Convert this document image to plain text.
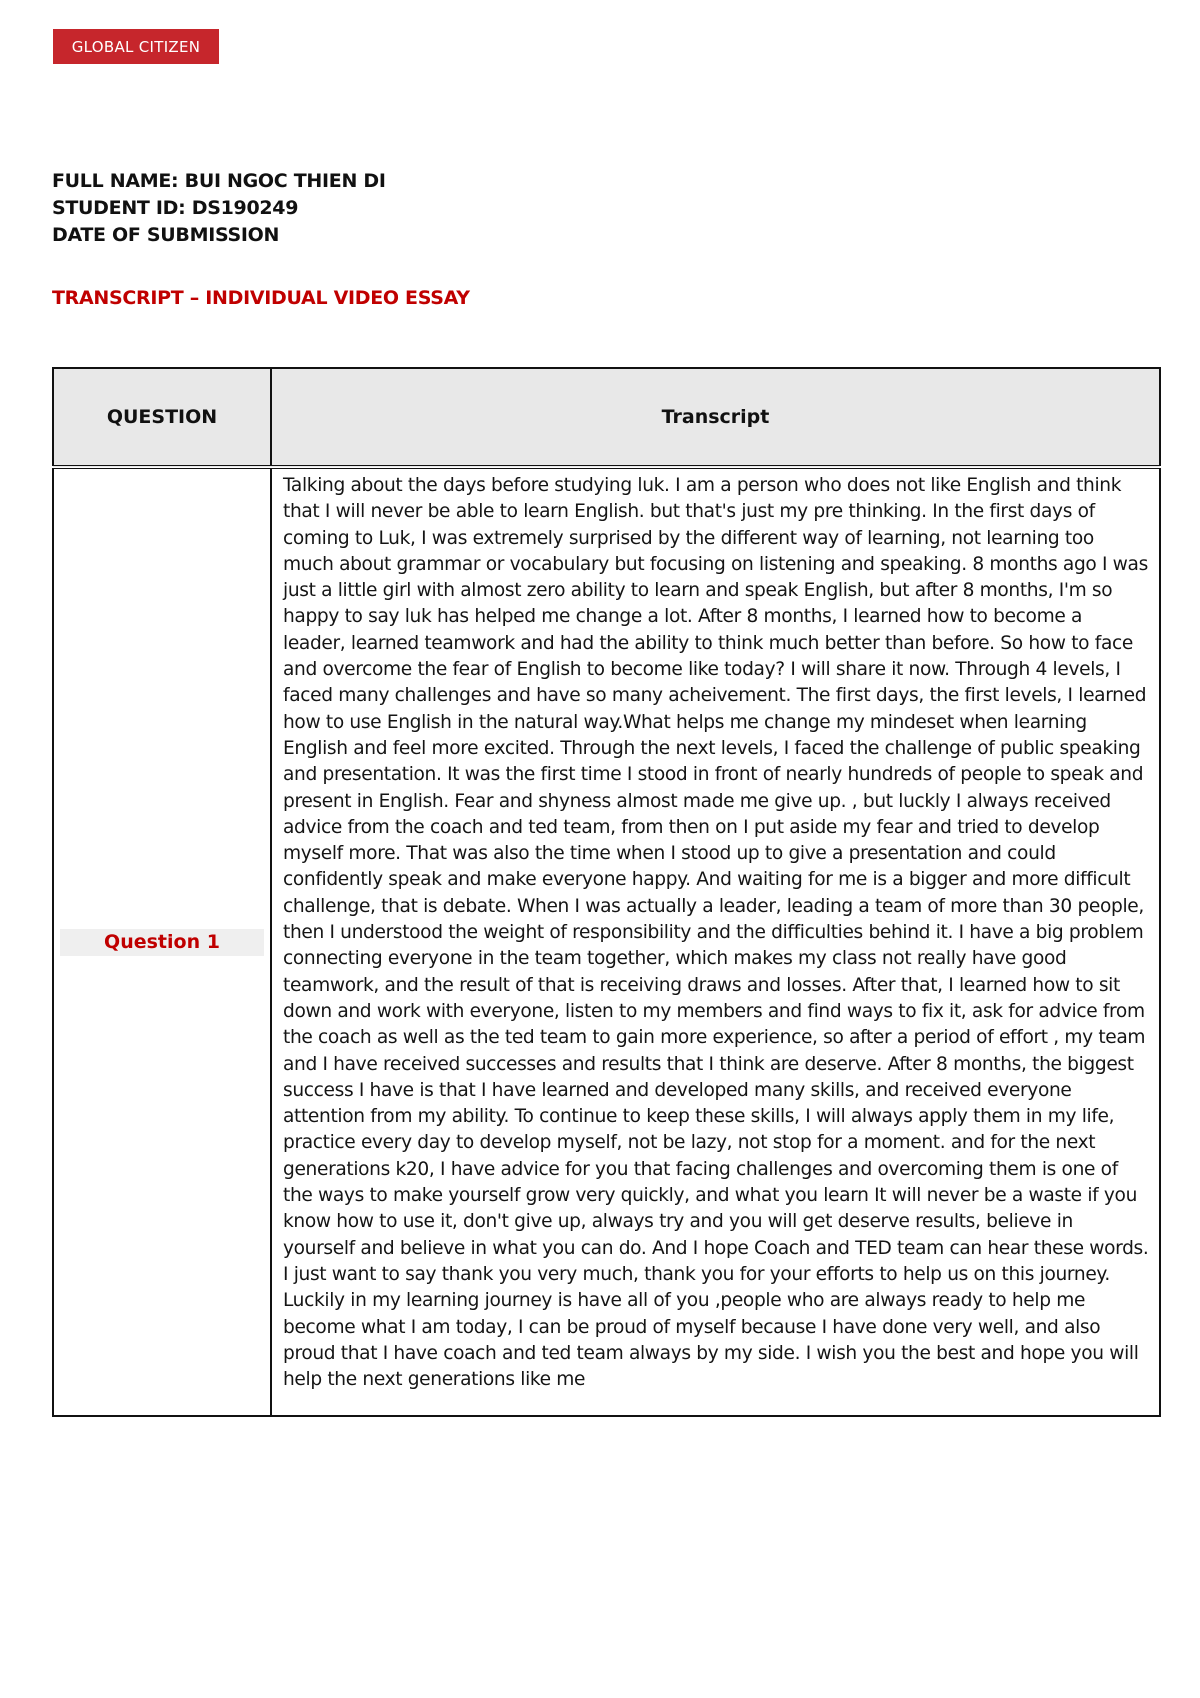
GLOBAL CITIZEN
FULL NAME: BUI NGOC THIEN DI
STUDENT ID: DS190249
DATE OF SUBMISSION
TRANSCRIPT – INDIVIDUAL VIDEO ESSAY
QUESTION	Transcript

Question 1	Talking about the days before studying luk. I am a person who does not like English and think that I will never be able to learn English. but that's just my pre thinking. In the first days of coming to Luk, I was extremely surprised by the different way of learning, not learning too much about grammar or vocabulary but focusing on listening and speaking. 8 months ago I was just a little girl with almost zero ability to learn and speak English, but after 8 months, I'm so happy to say luk has helped me change a lot. After 8 months, I learned how to become a leader, learned teamwork and had the ability to think much better than before. So how to face and overcome the fear of English to become like today? I will share it now. Through 4 levels, I faced many challenges and have so many acheivement. The first days, the first levels, I learned how to use English in the natural way.What helps me change my mindeset when learning English and feel more excited. Through the next levels, I faced the challenge of public speaking and presentation. It was the first time I stood in front of nearly hundreds of people to speak and present in English. Fear and shyness almost made me give up. , but luckly I always received advice from the coach and ted team, from then on I put aside my fear and tried to develop myself more. That was also the time when I stood up to give a presentation and could confidently speak and make everyone happy. And waiting for me is a bigger and more difficult challenge, that is debate. When I was actually a leader, leading a team of more than 30 people, then I understood the weight of responsibility and the difficulties behind it. I have a big problem connecting everyone in the team together, which makes my class not really have good teamwork, and the result of that is receiving draws and losses. After that, I learned how to sit down and work with everyone, listen to my members and find ways to fix it, ask for advice from the coach as well as the ted team to gain more experience, so after a period of effort , my team and I have received successes and results that I think are deserve. After 8 months, the biggest success I have is that I have learned and developed many skills, and received everyone attention from my ability. To continue to keep these skills, I will always apply them in my life, practice every day to develop myself, not be lazy, not stop for a moment. and for the next generations k20, I have advice for you that facing challenges and overcoming them is one of the ways to make yourself grow very quickly, and what you learn It will never be a waste if you know how to use it, don't give up, always try and you will get deserve results, believe in yourself and believe in what you can do. And I hope Coach and TED team can hear these words. I just want to say thank you very much, thank you for your efforts to help us on this journey. Luckily in my learning journey is have all of you ,people who are always ready to help me become what I am today, I can be proud of myself because I have done very well, and also proud that I have coach and ted team always by my side. I wish you the best and hope you will help the next generations like me
